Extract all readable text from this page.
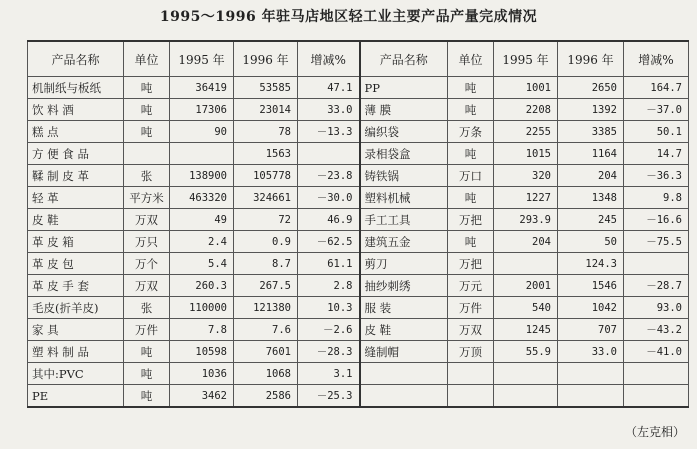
1995～1996 年驻马店地区轻工业主要产品产量完成情况
产品名称	单位	1995 年	1996 年	增减%	产品名称	单位	1995 年	1996 年	增减%
机制纸与板纸	吨	36419	53585	47.1	PP	吨	1001	2650	164.7
饮 料 酒	吨	17306	23014	33.0	薄 膜	吨	2208	1392	－37.0
糕 点	吨	90	78	－13.3	编织袋	万条	2255	3385	50.1
方 便 食 品			1563		录相袋盒	吨	1015	1164	14.7
鞣 制 皮 革	张	138900	105778	－23.8	铸铁锅	万口	320	204	－36.3
轻 革	平方米	463320	324661	－30.0	塑料机械	吨	1227	1348	9.8
皮 鞋	万双	49	72	46.9	手工工具	万把	293.9	245	－16.6
革 皮 箱	万只	2.4	0.9	－62.5	建筑五金	吨	204	50	－75.5
革 皮 包	万个	5.4	8.7	61.1	剪刀	万把		124.3	
革 皮 手 套	万双	260.3	267.5	2.8	抽纱刺绣	万元	2001	1546	－28.7
毛皮(折羊皮)	张	110000	121380	10.3	服 装	万件	540	1042	93.0
家 具	万件	7.8	7.6	－2.6	皮 鞋	万双	1245	707	－43.2
塑 料 制 品	吨	10598	7601	－28.3	缝制帽	万顶	55.9	33.0	－41.0
其中:PVC	吨	1036	1068	3.1					
PE	吨	3462	2586	－25.3					
（左克相）
